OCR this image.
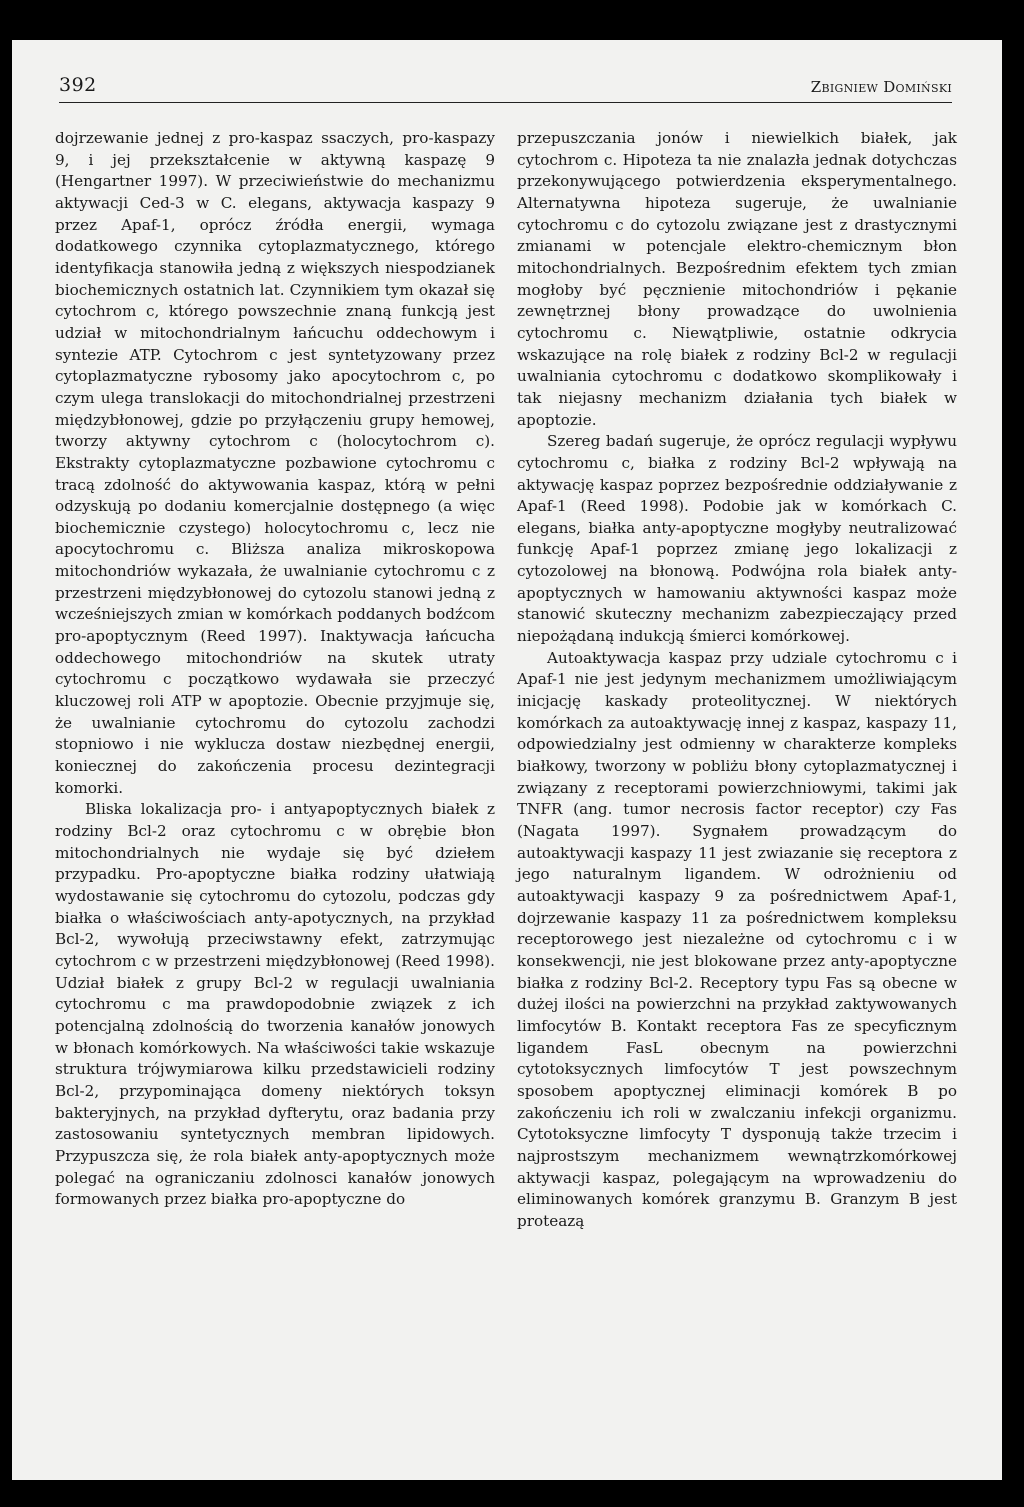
392	Zbigniew Domiński

dojrzewanie jednej z pro-kaspaz ssaczych, pro-kaspazy 9, i jej przekształcenie w aktywną kaspazę 9 (Hengartner 1997). W przeciwieństwie do mechanizmu aktywacji Ced-3 w C. elegans, aktywacja kaspazy 9 przez Apaf-1, oprócz źródła energii, wymaga dodatkowego czynnika cytoplazmatycznego, którego identyfikacja stanowiła jedną z większych niespodzianek biochemicznych ostatnich lat. Czynnikiem tym okazał się cytochrom c, którego powszechnie znaną funkcją jest udział w mitochondrialnym łańcuchu oddechowym i syntezie ATP. Cytochrom c jest syntetyzowany przez cytoplazmatyczne rybosomy jako apocytochrom c, po czym ulega translokacji do mitochondrialnej przestrzeni międzybłonowej, gdzie po przyłączeniu grupy hemowej, tworzy aktywny cytochrom c (holocytochrom c). Ekstrakty cytoplazmatyczne pozbawione cytochromu c tracą zdolność do aktywowania kaspaz, którą w pełni odzyskują po dodaniu komercjalnie dostępnego (a więc biochemicznie czystego) holocytochromu c, lecz nie apocytochromu c. Bliższa analiza mikroskopowa mitochondriów wykazała, że uwalnianie cytochromu c z przestrzeni międzybłonowej do cytozolu stanowi jedną z wcześniejszych zmian w komórkach poddanych bodźcom pro-apoptycznym (Reed 1997). Inaktywacja łańcucha oddechowego mitochondriów na skutek utraty cytochromu c początkowo wydawała sie przeczyć kluczowej roli ATP w apoptozie. Obecnie przyjmuje się, że uwalnianie cytochromu do cytozolu zachodzi stopniowo i nie wyklucza dostaw niezbędnej energii, koniecznej do zakończenia procesu dezintegracji komorki.

Bliska lokalizacja pro- i antyapoptycznych białek z rodziny Bcl-2 oraz cytochromu c w obrębie błon mitochondrialnych nie wydaje się być dziełem przypadku. Pro-apoptyczne białka rodziny ułatwiają wydostawanie się cytochromu do cytozolu, podczas gdy białka o właściwościach anty-apotycznych, na przykład Bcl-2, wywołują przeciwstawny efekt, zatrzymując cytochrom c w przestrzeni międzybłonowej (Reed 1998). Udział białek z grupy Bcl-2 w regulacji uwalniania cytochromu c ma prawdopodobnie związek z ich potencjalną zdolnością do tworzenia kanałów jonowych w błonach komórkowych. Na właściwości takie wskazuje struktura trójwymiarowa kilku przedstawicieli rodziny Bcl-2, przypominająca domeny niektórych toksyn bakteryjnych, na przykład dyfterytu, oraz badania przy zastosowaniu syntetycznych membran lipidowych. Przypuszcza się, że rola białek anty-apoptycznych może polegać na ograniczaniu zdolnosci kanałów jonowych formowanych przez białka pro-apoptyczne do

przepuszczania jonów i niewielkich białek, jak cytochrom c. Hipoteza ta nie znalazła jednak dotychczas przekonywującego potwierdzenia eksperymentalnego. Alternatywna hipoteza sugeruje, że uwalnianie cytochromu c do cytozolu związane jest z drastycznymi zmianami w potencjale elektro-chemicznym błon mitochondrialnych. Bezpośrednim efektem tych zmian mogłoby być pęcznienie mitochondriów i pękanie zewnętrznej błony prowadzące do uwolnienia cytochromu c. Niewątpliwie, ostatnie odkrycia wskazujące na rolę białek z rodziny Bcl-2 w regulacji uwalniania cytochromu c dodatkowo skomplikowały i tak niejasny mechanizm działania tych białek w apoptozie.

Szereg badań sugeruje, że oprócz regulacji wypływu cytochromu c, białka z rodziny Bcl-2 wpływają na aktywację kaspaz poprzez bezpośrednie oddziaływanie z Apaf-1 (Reed 1998). Podobie jak w komórkach C. elegans, białka anty-apoptyczne mogłyby neutralizować funkcję Apaf-1 poprzez zmianę jego lokalizacji z cytozolowej na błonową. Podwójna rola białek anty-apoptycznych w hamowaniu aktywności kaspaz może stanowić skuteczny mechanizm zabezpieczający przed niepożądaną indukcją śmierci komórkowej.

Autoaktywacja kaspaz przy udziale cytochromu c i Apaf-1 nie jest jedynym mechanizmem umożliwiającym inicjację kaskady proteolitycznej. W niektórych komórkach za autoaktywację innej z kaspaz, kaspazy 11, odpowiedzialny jest odmienny w charakterze kompleks białkowy, tworzony w pobliżu błony cytoplazmatycznej i związany z receptorami powierzchniowymi, takimi jak TNFR (ang. tumor necrosis factor receptor) czy Fas (Nagata 1997). Sygnałem prowadzącym do autoaktywacji kaspazy 11 jest zwiazanie się receptora z jego naturalnym ligandem. W odrożnieniu od autoaktywacji kaspazy 9 za pośrednictwem Apaf-1, dojrzewanie kaspazy 11 za pośrednictwem kompleksu receptorowego jest niezależne od cytochromu c i w konsekwencji, nie jest blokowane przez anty-apoptyczne białka z rodziny Bcl-2. Receptory typu Fas są obecne w dużej ilości na powierzchni na przykład zaktywowanych limfocytów B. Kontakt receptora Fas ze specyficznym ligandem FasL obecnym na powierzchni cytotoksycznych limfocytów T jest powszechnym sposobem apoptycznej eliminacji komórek B po zakończeniu ich roli w zwalczaniu infekcji organizmu. Cytotoksyczne limfocyty T dysponują także trzecim i najprostszym mechanizmem wewnątrzkomórkowej aktywacji kaspaz, polegającym na wprowadzeniu do eliminowanych komórek granzymu B. Granzym B jest proteazą
